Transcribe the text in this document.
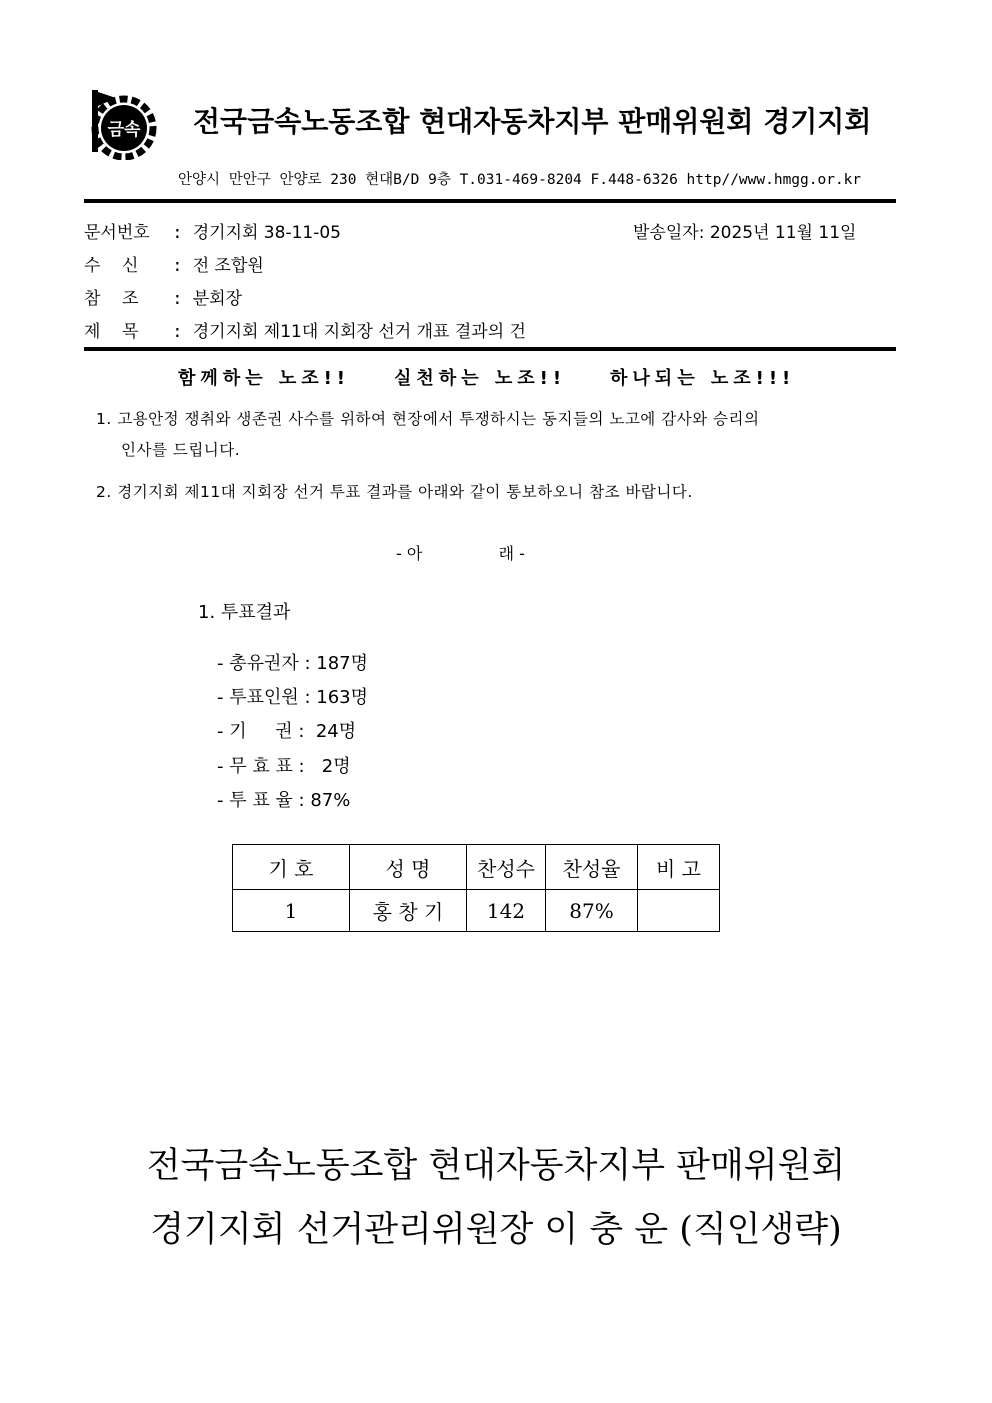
금속 전국금속노동조합 현대자동차지부 판매위원회 경기지회
안양시 만안구 안양로 230 현대B/D 9층 T.031-469-8204 F.448-6326 http//www.hmgg.or.kr
문서번호 : 경기지회 38-11-05	발송일자: 2025년 11월 11일
수    신 : 전 조합원
참    조 : 분회장
제    목 : 경기지회 제11대 지회장 선거 개표 결과의 건
함께하는 노조!! 실천하는 노조!! 하나되는 노조!!!
1. 고용안정 쟁취와 생존권 사수를 위하여 현장에서 투쟁하시는 동지들의 노고에 감사와 승리의
인사를 드립니다.
2. 경기지회 제11대 지회장 선거 투표 결과를 아래와 같이 통보하오니 참조 바랍니다.
- 아               래 -
1. 투표결과
- 총유권자 : 187명
- 투표인원 : 163명
- 기     권 :  24명
- 무 효 표 :   2명
- 투 표 율 : 87%
기 호	성 명	찬성수	찬성율	비 고
1	홍 창 기	142	87%	
전국금속노동조합 현대자동차지부 판매위원회
경기지회 선거관리위원장 이 충 운 (직인생략)
